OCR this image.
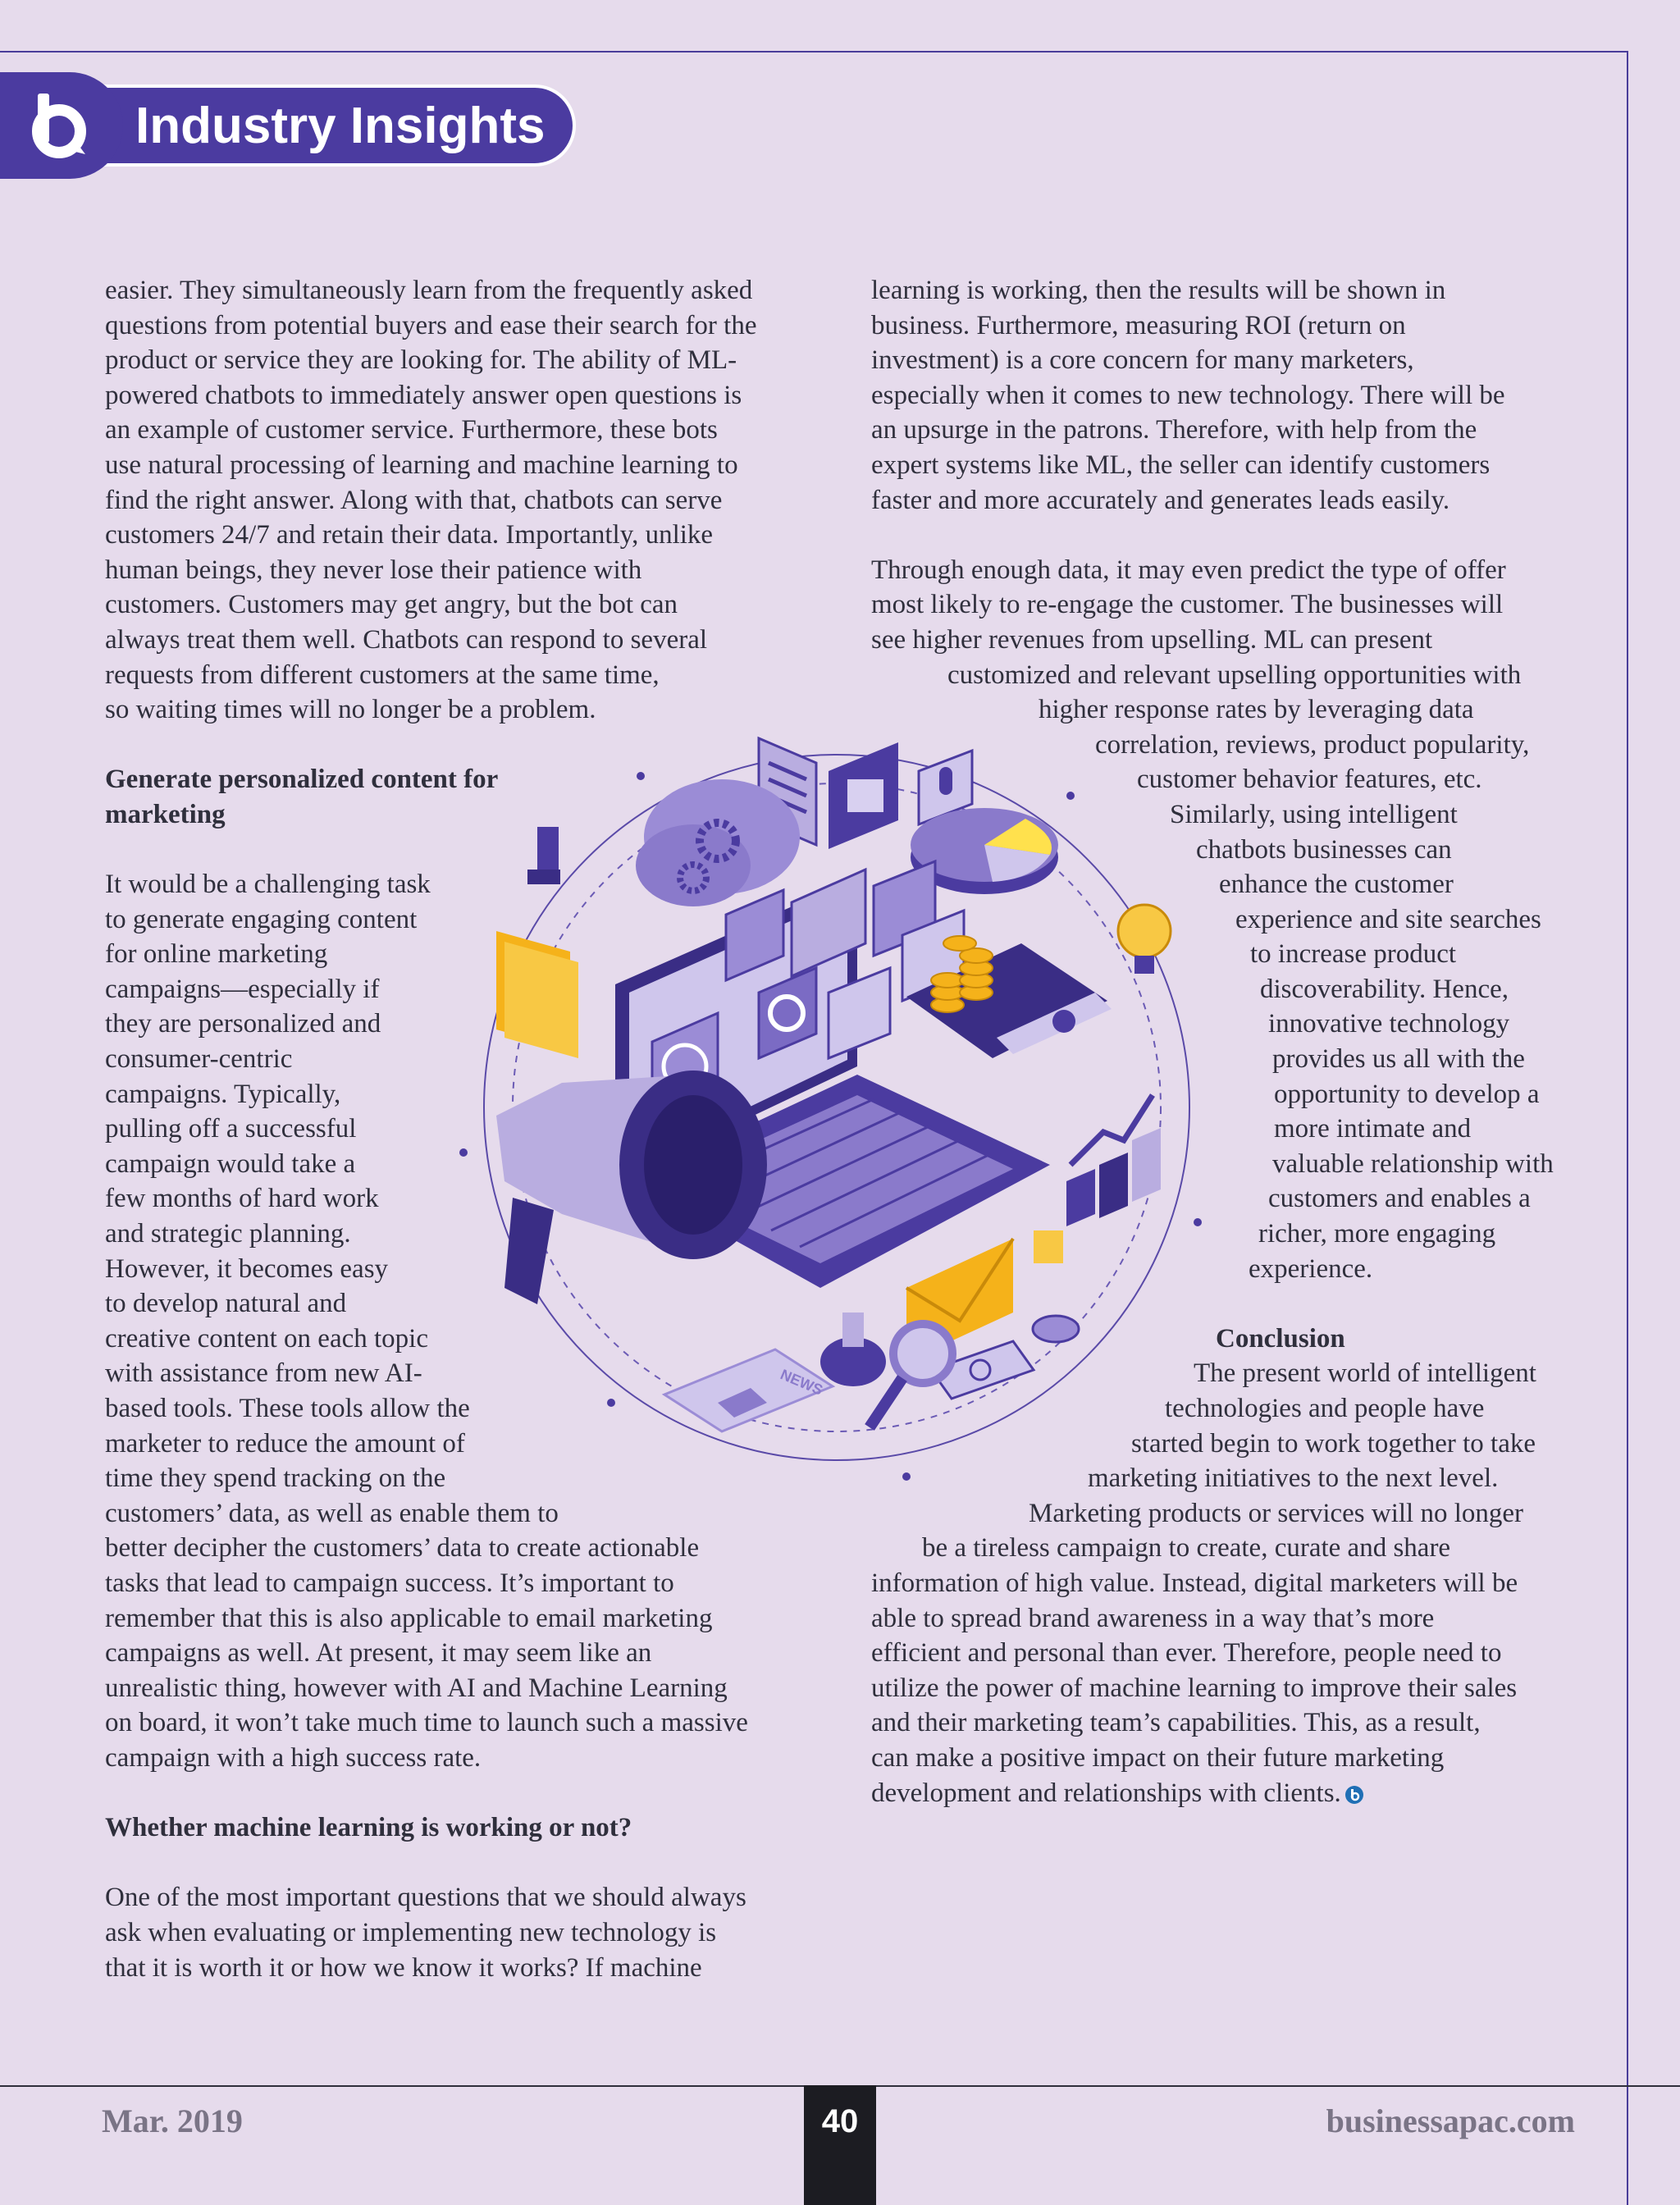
Industry Insights
easier. They simultaneously learn from the frequently asked
questions from potential buyers and ease their search for the
product or service they are looking for. The ability of ML-
powered chatbots to immediately answer open questions is
an example of customer service. Furthermore, these bots
use natural processing of learning and machine learning to
find the right answer. Along with that, chatbots can serve
customers 24/7 and retain their data. Importantly, unlike
human beings, they never lose their patience with
customers. Customers may get angry, but the bot can
always treat them well. Chatbots can respond to several
requests from different customers at the same time,
so waiting times will no longer be a problem.
Generate personalized content for
marketing
It would be a challenging task
to generate engaging content
for online marketing
campaigns—especially if
they are personalized and
consumer-centric
campaigns. Typically,
pulling off a successful
campaign would take a
few months of hard work
and strategic planning.
However, it becomes easy
to develop natural and
creative content on each topic
with assistance from new AI-
based tools. These tools allow the
marketer to reduce the amount of
time they spend tracking on the
customers’ data, as well as enable them to
better decipher the customers’ data to create actionable
tasks that lead to campaign success. It’s important to
remember that this is also applicable to email marketing
campaigns as well. At present, it may seem like an
unrealistic thing, however with AI and Machine Learning
on board, it won’t take much time to launch such a massive
campaign with a high success rate.
Whether machine learning is working or not?
One of the most important questions that we should always
ask when evaluating or implementing new technology is
that it is worth it or how we know it works? If machine
learning is working, then the results will be shown in
business. Furthermore, measuring ROI (return on
investment) is a core concern for many marketers,
especially when it comes to new technology. There will be
an upsurge in the patrons. Therefore, with help from the
expert systems like ML, the seller can identify customers
faster and more accurately and generates leads easily.
Through enough data, it may even predict the type of offer
most likely to re-engage the customer. The businesses will
see higher revenues from upselling. ML can present
customized and relevant upselling opportunities with
higher response rates by leveraging data
correlation, reviews, product popularity,
customer behavior features, etc.
Similarly, using intelligent
chatbots businesses can
enhance the customer
experience and site searches
to increase product
discoverability. Hence,
innovative technology
provides us all with the
opportunity to develop a
more intimate and
valuable relationship with
customers and enables a
richer, more engaging
experience.
Conclusion
The present world of intelligent
technologies and people have
started begin to work together to take
marketing initiatives to the next level.
Marketing products or services will no longer
be a tireless campaign to create, curate and share
information of high value. Instead, digital marketers will be
able to spread brand awareness in a way that’s more
efficient and personal than ever. Therefore, people need to
utilize the power of machine learning to improve their sales
and their marketing team’s capabilities. This, as a result,
can make a positive impact on their future marketing
development and relationships with clients.
NEWS
Mar. 2019	40	businessapac.com
